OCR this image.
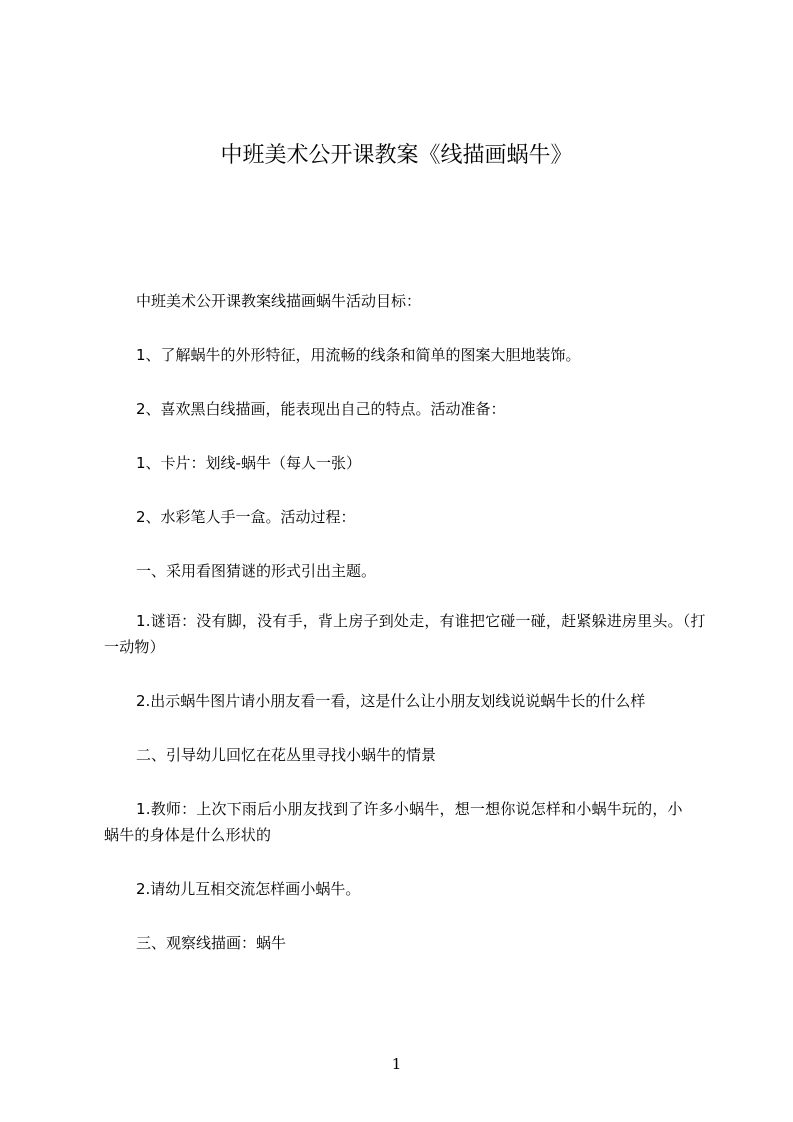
中班美术公开课教案《线描画蜗牛》
中班美术公开课教案线描画蜗牛活动目标：
1、了解蜗牛的外形特征，用流畅的线条和简单的图案大胆地装饰。
2、喜欢黑白线描画，能表现出自己的特点。活动准备：
1、卡片：划线-蜗牛（每人一张）
2、水彩笔人手一盒。活动过程：
一、采用看图猜谜的形式引出主题。
1.谜语：没有脚，没有手，背上房子到处走，有谁把它碰一碰，赶紧躲进房里头。（打一动物）
2.出示蜗牛图片请小朋友看一看，这是什么让小朋友划线说说蜗牛长的什么样
二、引导幼儿回忆在花丛里寻找小蜗牛的情景
1.教师：上次下雨后小朋友找到了许多小蜗牛，想一想你说怎样和小蜗牛玩的，小蜗牛的身体是什么形状的
2.请幼儿互相交流怎样画小蜗牛。
三、观察线描画：蜗牛
1
